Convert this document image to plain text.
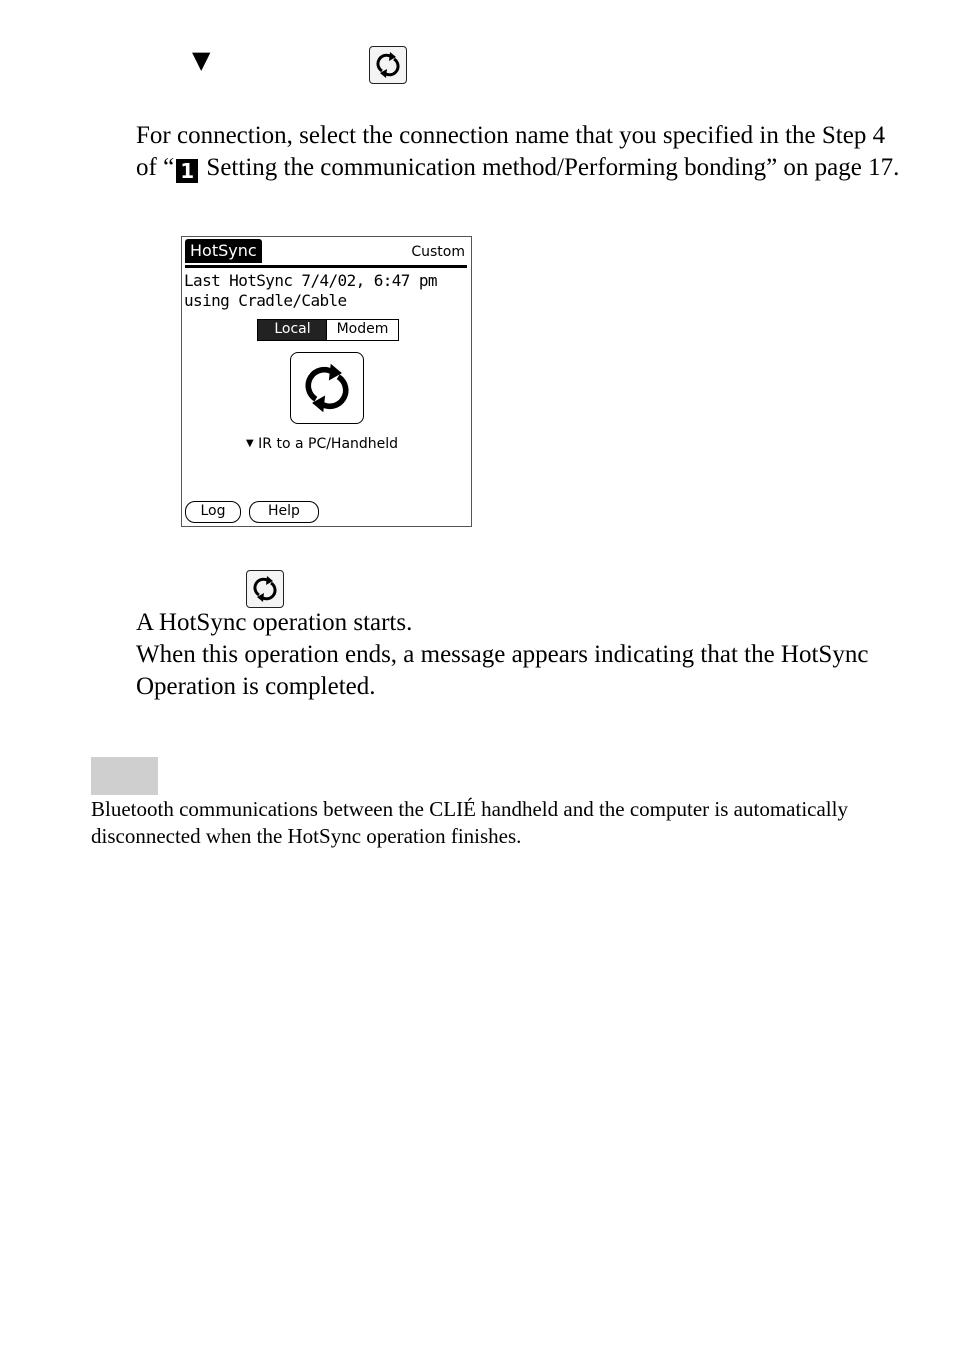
▼
For connection, select the connection name that you specified in the Step 4 of “ 1 Setting the communication method/Performing bonding” on page 17.
HotSync	Custom
Last HotSync 7/4/02, 6:47 pm
using Cradle/Cable
Local	Modem
▼ IR to a PC/Handheld
Log	Help
A HotSync operation starts.
When this operation ends, a message appears indicating that the HotSync Operation is completed.
Bluetooth communications between the CLIÉ handheld and the computer is automatically disconnected when the HotSync operation finishes.
